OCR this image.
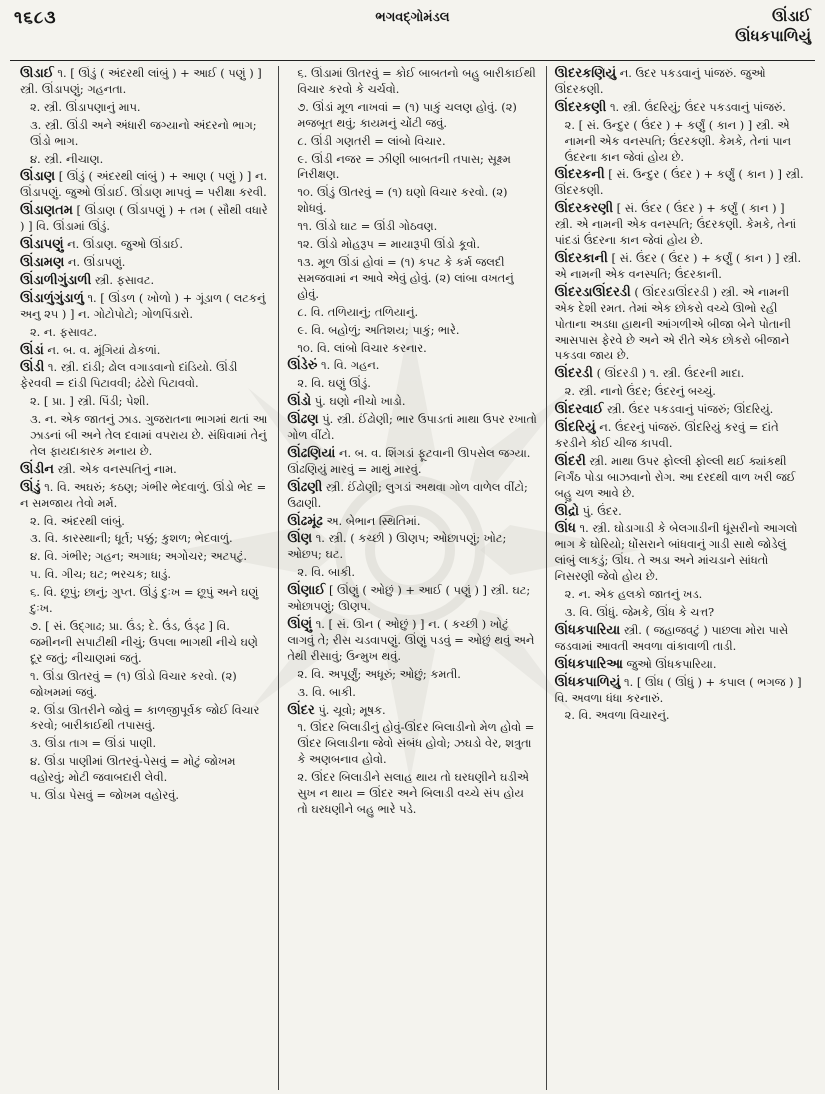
૧૬૮૩	ભગવદ્ગોમંડલ	ઊંડાઈ
ઊંધકપાળિયું
ઊંડાઈ ૧. [ ઊંડું ( અંદરથી લાંબું ) + આઈ ( પણું ) ] સ્ત્રી. ઊંડાપણું; ગહનતા.
૨. સ્ત્રી. ઊંડાપણાનું માપ.
૩. સ્ત્રી. ઊંડી અને અંધારી જગ્યાનો અંદરનો ભાગ; ઊંડો ભાગ.
૪. સ્ત્રી. નીચાણ.
ઊંડાણ [ ઊંડું ( અંદરથી લાંબું ) + આણ ( પણું ) ] ન. ઊંડાપણું. જુઓ ઊંડાઈ. ઊંડાણ માપવું = પરીક્ષા કરવી.
ઊંડાણતમ [ ઊંડાણ ( ઊંડાપણું ) + તમ ( સૌથી વધારે ) ] વિ. ઊંડામાં ઊંડું.
ઊંડાપણું ન. ઊંડાણ. જુઓ ઊંડાઈ.
ઊંડામણ ન. ઊંડાપણું.
ઊંડાળીગુંડાળી સ્ત્રી. ફસાવટ.
ઊંડાળુંગુંડાળું ૧. [ ઊંડળ ( ખોળો ) + ગૂંડાળ ( લટકનું અનુ ૨૫ ) ] ન. ગોટોપોટો; ગોળપિંડારો.
૨. ન. ફસાવટ.
ઊંડાં ન. બ. વ. મૂંગિયાં ઢોકળાં.
ઊંડી ૧. સ્ત્રી. દાંડી; ઢોલ વગાડવાનો દાંડિયો. ઊંડી ફેરવવી = દાંડી પિટાવવી; ઢંઢેરો પિટાવવો.
૨. [ પ્રા. ] સ્ત્રી. પિંડી; પેશી.
૩. ન. એક જાતનું ઝાડ. ગુજરાતના ભાગમાં થતાં આ ઝાડનાં બી અને તેલ દવામાં વપરાય છે. સંધિવામાં તેનું તેલ ફાયદાકારક મનાય છે.
ઊંડીન સ્ત્રી. એક વનસ્પતિનું નામ.
ઊંડું ૧. વિ. અઘરું; કઠણ; ગંભીર ભેદવાળું. ઊંડો ભેદ = ન સમજાય તેવો મર્મ.
૨. વિ. અંદરથી લાંબું.
૩. વિ. કારસ્થાની; ધૂર્ત; પક્કું; કુશળ; ભેદવાળું.
૪. વિ. ગંભીર; ગહન; અગાધ; અગોચર; અટપટું.
૫. વિ. ગીચ; ઘટ; ભરચક; ઘાડું.
૬. વિ. છૂપું; છાનું; ગુપ્ત. ઊંડું દુઃખ = છૂપું અને ઘણું દુઃખ.
૭. [ સં. ઉદ્ગાઢ; પ્રા. ઉંડ; દે. ઉંડ, ઉંડ્ઢ ] વિ. જમીનની સપાટીથી નીચું; ઉપલા ભાગથી નીચે ઘણે દૂર જતું; નીચાણમાં જતું.
૧. ઊંડા ઊતરવું = (૧) ઊંડો વિચાર કરવો. (૨) જોખમમાં જવું.
૨. ઊંડા ઊતરીને જોવું = કાળજીપૂર્વક જોઈ વિચાર કરવો; બારીકાઈથી તપાસવું.
૩. ઊંડા તાગ = ઊંડાં પાણી.
૪. ઊંડા પાણીમાં ઊતરવું-પેસવું = મોટું જોખમ વહોરવું; મોટી જવાબદારી લેવી.
૫. ઊંડા પેસવું = જોખમ વહોરવું.
૬. ઊંડામાં ઊતરવું = કોઈ બાબતનો બહુ બારીકાઈથી વિચાર કરવો કે ચર્ચવો.
૭. ઊંડાં મૂળ નાખવાં = (૧) પાકું ચલણ હોવું. (૨) મજબૂત થવું; કાયમનું ચોંટી જવું.
૮. ઊંડી ગણતરી = લાંબો વિચાર.
૯. ઊંડી નજર = ઝીણી બાબતની તપાસ; સૂક્ષ્મ નિરીક્ષણ.
૧૦. ઊંડું ઊતરવું = (૧) ઘણો વિચાર કરવો. (૨) શોધવું.
૧૧. ઊંડો ઘાટ = ઊંડી ગોઠવણ.
૧૨. ઊંડો મોહરૂપ = માયારૂપી ઊંડો કૂવો.
૧૩. મૂળ ઊંડાં હોવાં = (૧) કપટ કે કર્મ જલદી સમજવામાં ન આવે એવું હોવું. (૨) લાંબા વખતનું હોવું.
૮. વિ. તળિયાનું; તળિયાનું.
૯. વિ. બહોળું; અતિશય; પાકું; ભારે.
૧૦. વિ. લાંબો વિચાર કરનાર.
ઊંડેરું ૧. વિ. ગહન.
૨. વિ. ઘણું ઊંડું.
ઊંડો પું. ઘણો નીચો ખાડો.
ઊંઢણ પું. સ્ત્રી. ઈંઢોણી; ભાર ઉપાડતાં માથા ઉપર રખાતો ગોળ વીંટો.
ઊંઢણિયાં ન. બ. વ. શિંગડાં ફૂટવાની ઊપસેલ જગ્યા. ઊંઢણિયું મારવું = માથું મારવું.
ઊંઢણી સ્ત્રી. ઈંઢોણી; લુગડાં અથવા ગોળ વાળેલ વીંટો; ઉઢાણી.
ઊંઢમૂંઢ અ. બેભાન સ્થિતિમાં.
ઊંણ ૧. સ્ત્રી. ( કચ્છી ) ઊણપ; ઓછાપણું; ખોટ; ઓછપ; ઘટ.
૨. વિ. બાકી.
ઊંણાઈ [ ઊંણું ( ઓછું ) + આઈ ( પણું ) ] સ્ત્રી. ઘટ; ઓછાપણું; ઊણપ.
ઊંણું ૧. [ સં. ઊન ( ઓછું ) ] ન. ( કચ્છી ) ખોટું લાગવું તે; રીસ ચડવાપણું. ઊંણું પડવું = ઓછું થવું અને તેથી રીસાવું; ઉન્મુખ થવું.
૨. વિ. અપૂર્ણું; અધૂરું; ઓછું; કમતી.
૩. વિ. બાકી.
ઊંદર પું. ચૂવો; મૂષક.
૧. ઊંદર બિલાડીનું હોવું-ઊંદર બિલાડીનો મેળ હોવો = ઊંદર બિલાડીના જેવો સંબંધ હોવો; ઝઘડો વેર, શત્રુતા કે અણબનાવ હોવો.
૨. ઊંદર બિલાડીને સલાહ થાય તો ઘરધણીને ઘડીએ સુખ ન થાય = ઊંદર અને બિલાડી વચ્ચે સંપ હોય તો ઘરધણીને બહુ ભારે પડે.
ઊંદરકણિયું ન. ઉંદર પકડવાનું પાંજરું. જુઓ ઊંદરકણી.
ઊંદરકણી ૧. સ્ત્રી. ઉંદરિયું; ઉંદર પકડવાનું પાંજરું.
૨. [ સં. ઉન્દુર ( ઉંદર ) + કર્ણું ( કાન ) ] સ્ત્રી. એ નામની એક વનસ્પતિ; ઉંદરકણી. કેમકે, તેનાં પાન ઉંદરના કાન જેવાં હોય છે.
ઊંદરકની [ સં. ઉન્દુર ( ઉંદર ) + કર્ણું ( કાન ) ] સ્ત્રી. ઊંદરકણી.
ઊંદરકરણી [ સં. ઉંદર ( ઉંદર ) + કર્ણું ( કાન ) ] સ્ત્રી. એ નામની એક વનસ્પતિ; ઉંદરકણી. કેમકે, તેનાં પાંદડાં ઉંદરના કાન જેવાં હોય છે.
ઊંદરકાની [ સં. ઉંદર ( ઉંદર ) + કર્ણું ( કાન ) ] સ્ત્રી. એ નામની એક વનસ્પતિ; ઉંદરકાની.
ઊંદરડાઊંદરડી ( ઊંદરડાઊંદરડી ) સ્ત્રી. એ નામની એક દેશી રમત. તેમાં એક છોકરો વચ્ચે ઊભો રહી પોતાના અડધા હાથની આંગળીએ બીજા બેને પોતાની આસપાસ ફેરવે છે અને એ રીતે એક છોકરો બીજાને પકડવા જાય છે.
ઊંદરડી ( ઊંદરડી ) ૧. સ્ત્રી. ઉંદરની માદા.
૨. સ્ત્રી. નાનો ઉંદર; ઉંદરનું બચ્ચું.
ઊંદરવાઈ સ્ત્રી. ઉંદર પકડવાનું પાંજરું; ઊંદરિયું.
ઊંદરિયું ન. ઉંદરનું પાંજરું. ઊંદરિયું કરવું = દાંતે કરડીને કોઈ ચીજ કાપવી.
ઊંદરી સ્ત્રી. માથા ઉપર ફોલ્લી ફોલ્લી થઈ ક્યાંકથી નિર્ગંઠ પોડા બાઝવાનો રોગ. આ દરદથી વાળ ખરી જઈ બહુ ચળ આવે છે.
ઊંદ્રો પું. ઉંદર.
ઊંધ ૧. સ્ત્રી. ઘોડાગાડી કે બેલગાડીની ધૂંસરીનો આગલો ભાગ કે ઘોરિયો; ધોંસરાને બાંધવાનું ગાડી સાથે જોડેલું લાંબું લાકડું; ઊંધ. તે અડા અને માંચડાને સાંધતો નિસરણી જેવો હોય છે.
૨. ન. એક હલકો જાતનું ખડ.
૩. વિ. ઊંધું. જેમકે, ઊંધ કે ચત્ત?
ઊંધકપારિયા સ્ત્રી. ( જહાજવટું ) પાછલા મોરા પાસે જડવામાં આવતી અવળા વાંકાવાળી તાડી.
ઊંધકપારિઆ જુઓ ઊંધકપારિયા.
ઊંધકપાળિયું ૧. [ ઊંધ ( ઊંધું ) + કપાલ ( ભગજ ) ] વિ. અવળા ધંધા કરનારું.
૨. વિ. અવળા વિચારનું.
